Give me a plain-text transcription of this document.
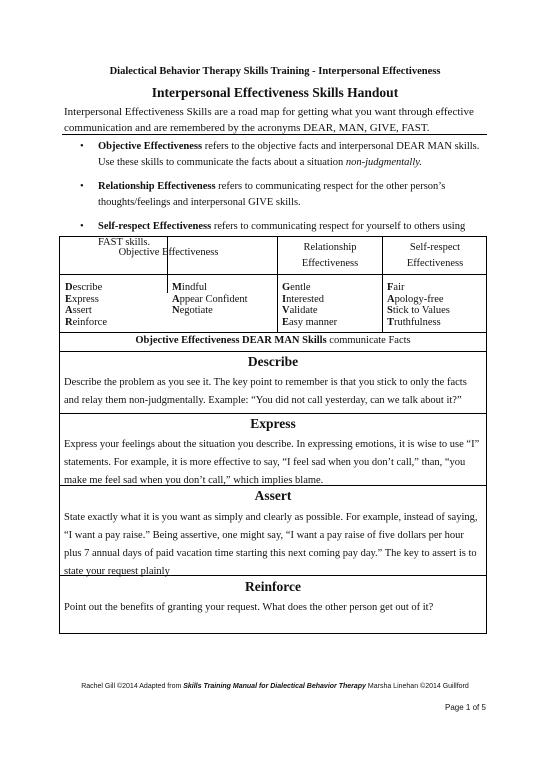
Dialectical Behavior Therapy Skills Training - Interpersonal Effectiveness
Interpersonal Effectiveness Skills Handout
Interpersonal Effectiveness Skills are a road map for getting what you want through effective communication and are remembered by the acronyms DEAR, MAN, GIVE, FAST.
• Objective Effectiveness refers to the objective facts and interpersonal DEAR MAN skills. Use these skills to communicate the facts about a situation non-judgmentally.
• Relationship Effectiveness refers to communicating respect for the other person’s thoughts/feelings and interpersonal GIVE skills.
• Self-respect Effectiveness refers to communicating respect for yourself to others using FAST skills.
Objective Effectiveness	Relationship
Effectiveness
Self-respect
Effectiveness
Describe
Express
Assert
Reinforce
Mindful
Appear Confident
Negotiate
Gentle
Interested
Validate
Easy manner
Fair
Apology-free
Stick to Values
Truthfulness
Objective Effectiveness DEAR MAN Skills communicate Facts
Describe
Describe the problem as you see it. The key point to remember is that you stick to only the facts and relay them non-judgmentally. Example: “You did not call yesterday, can we talk about it?”
Express
Express your feelings about the situation you describe. In expressing emotions, it is wise to use “I” statements. For example, it is more effective to say, “I feel sad when you don’t call,” than, “you make me feel sad when you don’t call,” which implies blame.
Assert
State exactly what it is you want as simply and clearly as possible. For example, instead of saying, “I want a pay raise.” Being assertive, one might say, “I want a pay raise of five dollars per hour plus 7 annual days of paid vacation time starting this next coming pay day.” The key to assert is to state your request plainly
Reinforce
Point out the benefits of granting your request. What does the other person get out of it?
Rachel Gill ©2014 Adapted from Skills Training Manual for Dialectical Behavior Therapy Marsha Linehan ©2014 Guillford
Page 1 of 5
